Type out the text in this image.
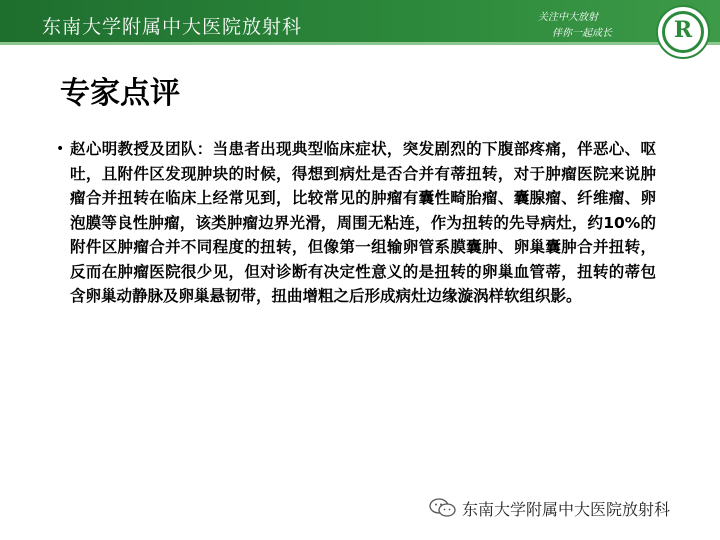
东南大学附属中大医院放射科	关注中大放射
伴你一起成长	R
专家点评
• 赵心明教授及团队：当患者出现典型临床症状，突发剧烈的下腹部疼痛，伴恶心、呕吐，且附件区发现肿块的时候，得想到病灶是否合并有蒂扭转，对于肿瘤医院来说肿瘤合并扭转在临床上经常见到，比较常见的肿瘤有囊性畸胎瘤、囊腺瘤、纤维瘤、卵泡膜等良性肿瘤，该类肿瘤边界光滑，周围无粘连，作为扭转的先导病灶，约10%的附件区肿瘤合并不同程度的扭转，但像第一组输卵管系膜囊肿、卵巢囊肿合并扭转，反而在肿瘤医院很少见，但对诊断有决定性意义的是扭转的卵巢血管蒂，扭转的蒂包含卵巢动静脉及卵巢悬韧带，扭曲增粗之后形成病灶边缘漩涡样软组织影。
东南大学附属中大医院放射科
